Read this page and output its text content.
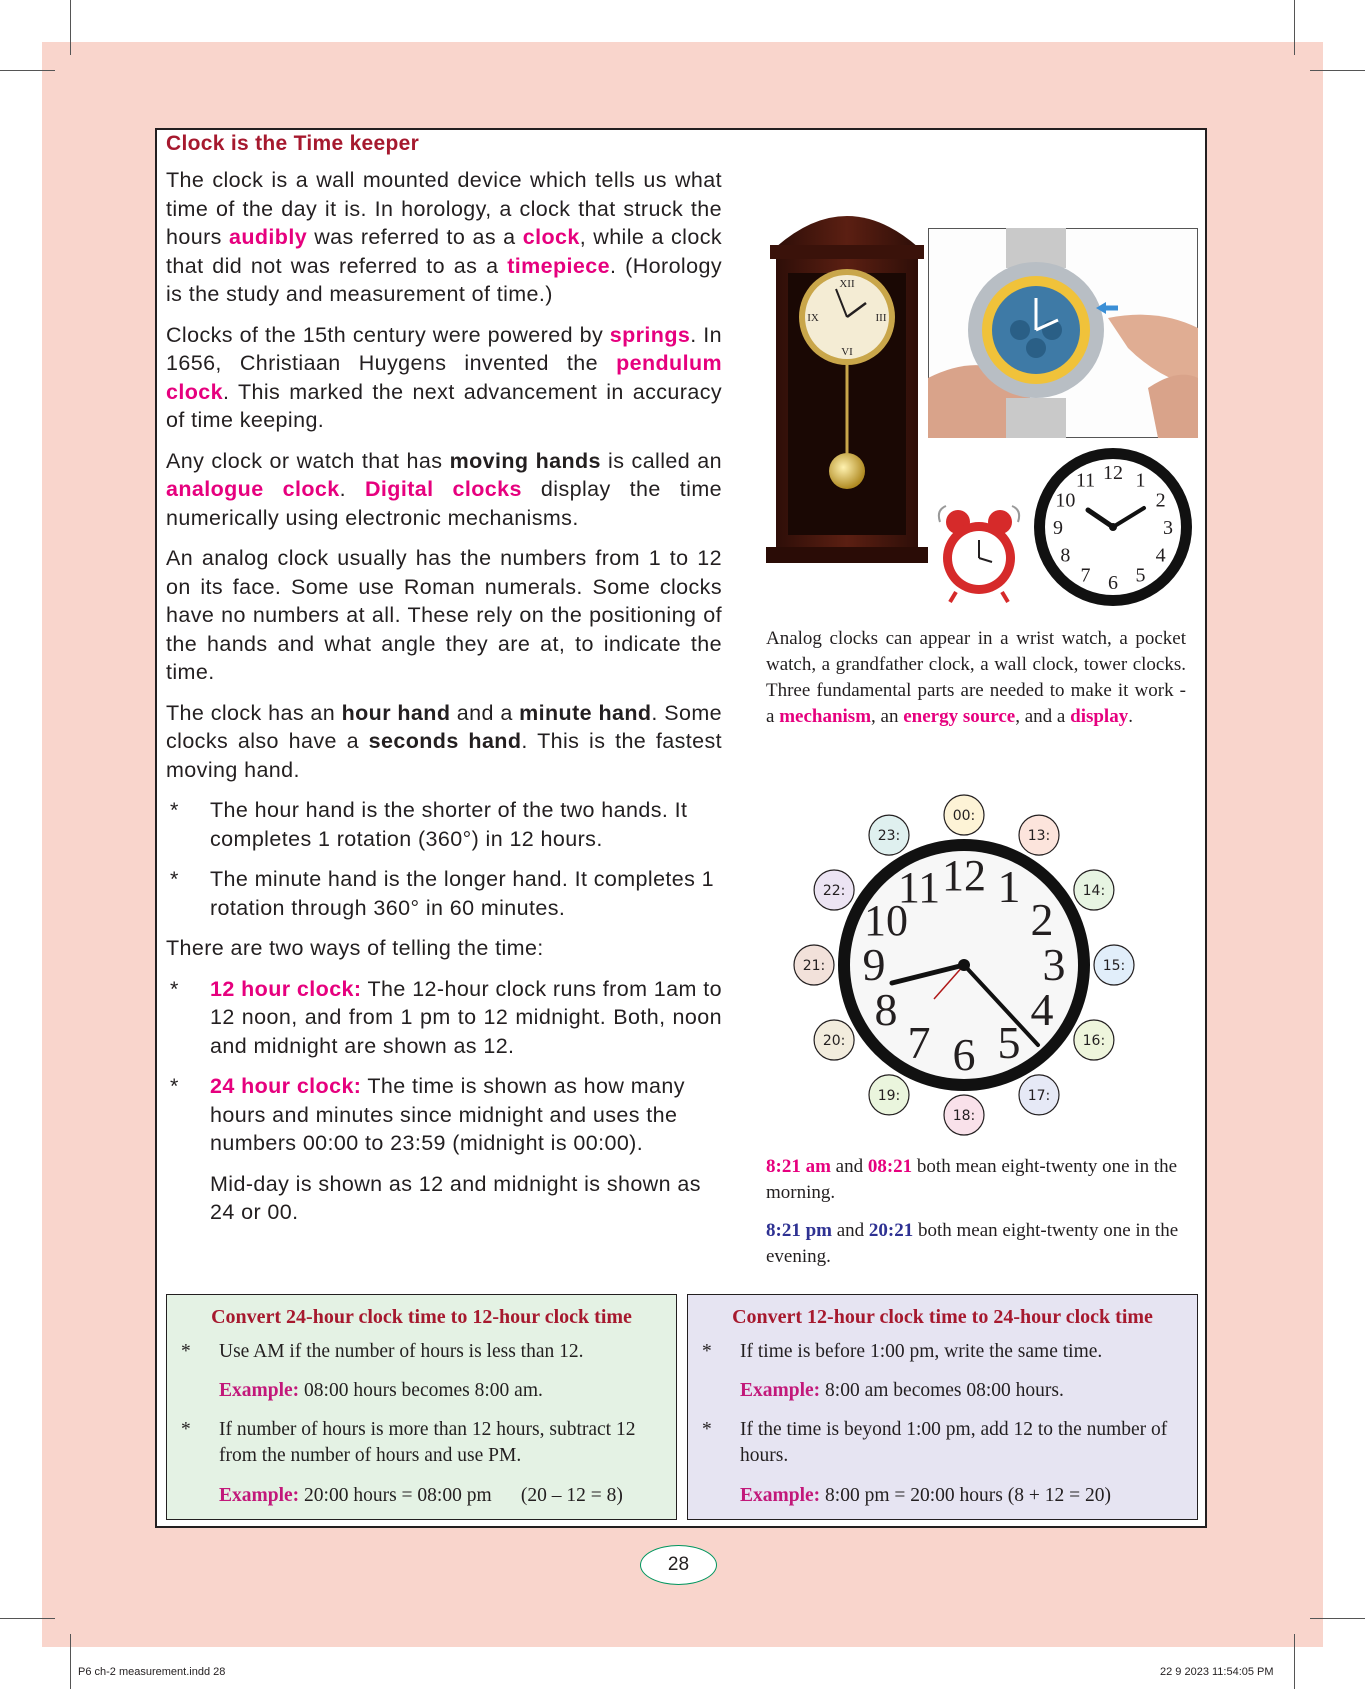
Clock is the Time keeper

The clock is a wall mounted device which tells us what time of the day it is. In horology, a clock that struck the hours audibly was referred to as a clock, while a clock that did not was referred to as a timepiece. (Horology is the study and measurement of time.)

Clocks of the 15th century were powered by springs. In 1656, Christiaan Huygens invented the pendulum clock. This marked the next advancement in accuracy of time keeping.

Any clock or watch that has moving hands is called an analogue clock. Digital clocks display the time numerically using electronic mechanisms.

An analog clock usually has the numbers from 1 to 12 on its face. Some use Roman numerals. Some clocks have no numbers at all. These rely on the positioning of the hands and what angle they are at, to indicate the time.

The clock has an hour hand and a minute hand. Some clocks also have a seconds hand. This is the fastest moving hand.

* The hour hand is the shorter of the two hands. It completes 1 rotation (360°) in 12 hours.
* The minute hand is the longer hand. It completes 1 rotation through 360° in 60 minutes.

There are two ways of telling the time:

* 12 hour clock: The 12-hour clock runs from 1am to 12 noon, and from 1 pm to 12 midnight. Both, noon and midnight are shown as 12.
* 24 hour clock: The time is shown as how many hours and minutes since midnight and uses the numbers 00:00 to 23:59 (midnight is 00:00).
Mid-day is shown as 12 and midnight is shown as 24 or 00.
XII
III
VI
IX
12 1
2
3
4
5
6
7
8
9
10
11
Analog clocks can appear in a wrist watch, a pocket watch, a grandfather clock, a wall clock, tower clocks. Three fundamental parts are needed to make it work - a mechanism, an energy source, and a display.
00:
13:
14:
15:
16:
17:
18:
19:
20:
21:
22:
23:
12 1
2
3
4
5
6
7
8
9
10
11
8:21 am and 08:21 both mean eight-twenty one in the morning.
8:21 pm and 20:21 both mean eight-twenty one in the evening.
Convert 24-hour clock time to 12-hour clock time
* Use AM if the number of hours is less than 12.
Example: 08:00 hours becomes 8:00 am.
* If number of hours is more than 12 hours, subtract 12 from the number of hours and use PM.
Example: 20:00 hours = 08:00 pm      (20 – 12 = 8)
Convert 12-hour clock time to 24-hour clock time
* If time is before 1:00 pm, write the same time.
Example: 8:00 am becomes 08:00 hours.
* If the time is beyond 1:00 pm, add 12 to the number of hours.
Example: 8:00 pm = 20:00 hours (8 + 12 = 20)
28
P6 ch-2 measurement.indd 28	22 9 2023 11:54:05 PM
